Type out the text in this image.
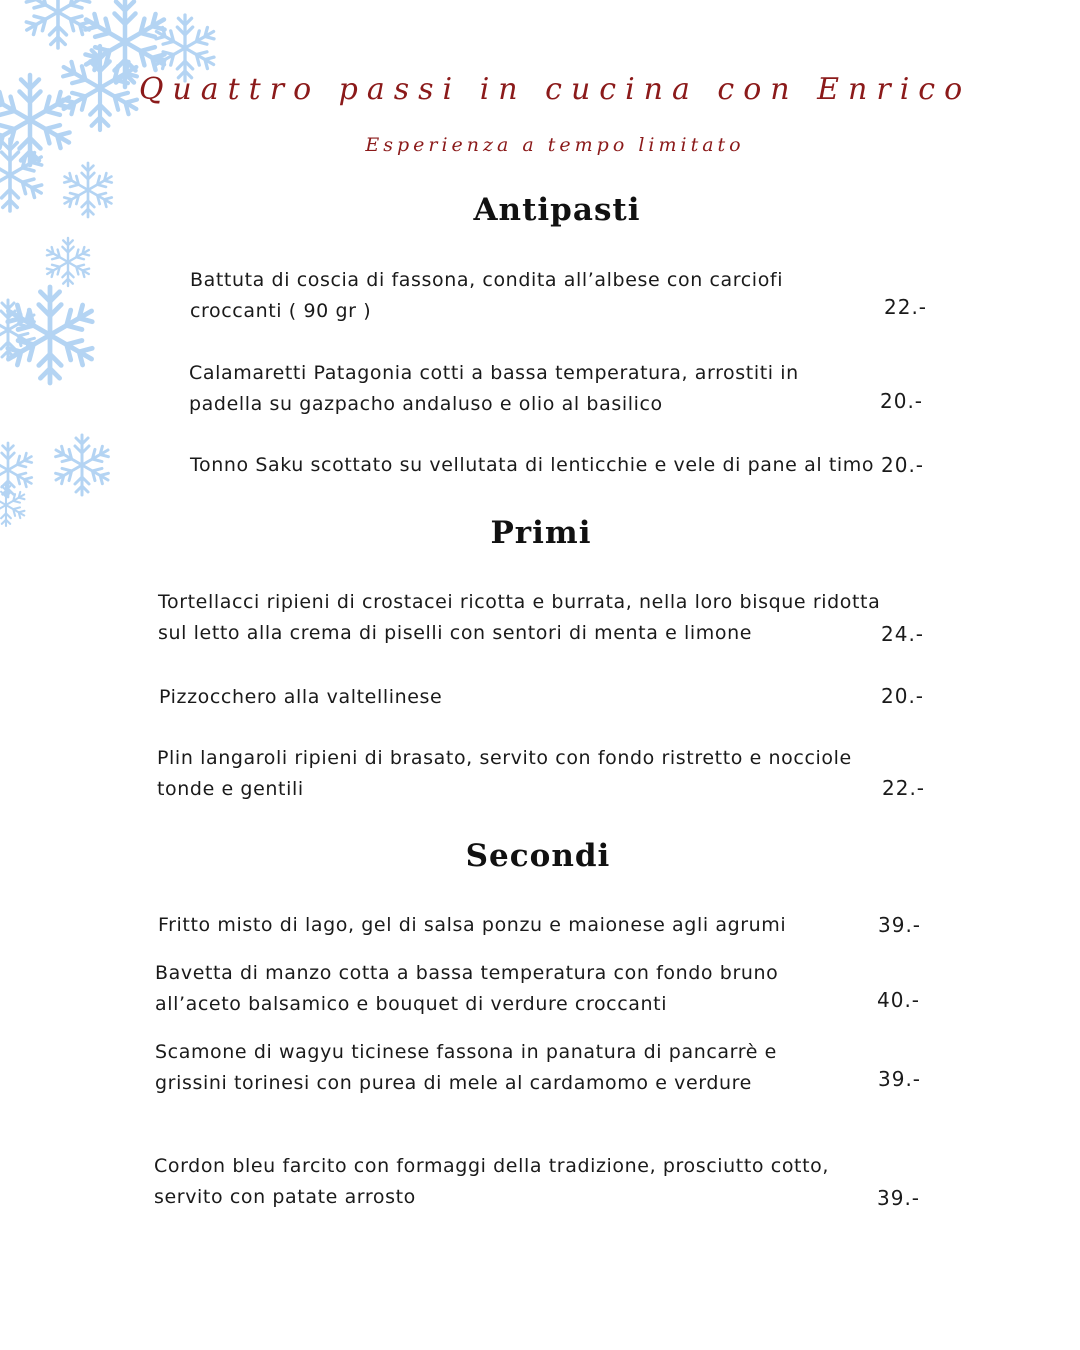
Quattro passi in cucina con Enrico
Esperienza a tempo limitato
Antipasti
Battuta di coscia di fassona, condita all’albese con carciofi croccanti ( 90 gr )	22.-
Calamaretti Patagonia cotti a bassa temperatura, arrostiti in padella su gazpacho andaluso e olio al basilico	20.-
Tonno Saku scottato su vellutata di lenticchie e vele di pane al timo 20.-
Primi
Tortellacci ripieni di crostacei ricotta e burrata, nella loro bisque ridotta sul letto alla crema di piselli con sentori di menta e limone	24.-
Pizzocchero alla valtellinese	20.-
Plin langaroli ripieni di brasato, servito con fondo ristretto e nocciole tonde e gentili	22.-
Secondi
Fritto misto di lago, gel di salsa ponzu e maionese agli agrumi	39.-
Bavetta di manzo cotta a bassa temperatura con fondo bruno all’aceto balsamico e bouquet di verdure croccanti	40.-
Scamone di wagyu ticinese fassona in panatura di pancarrè e grissini torinesi con purea di mele al cardamomo e verdure	39.-
Cordon bleu farcito con formaggi della tradizione, prosciutto cotto, servito con patate arrosto	39.-
